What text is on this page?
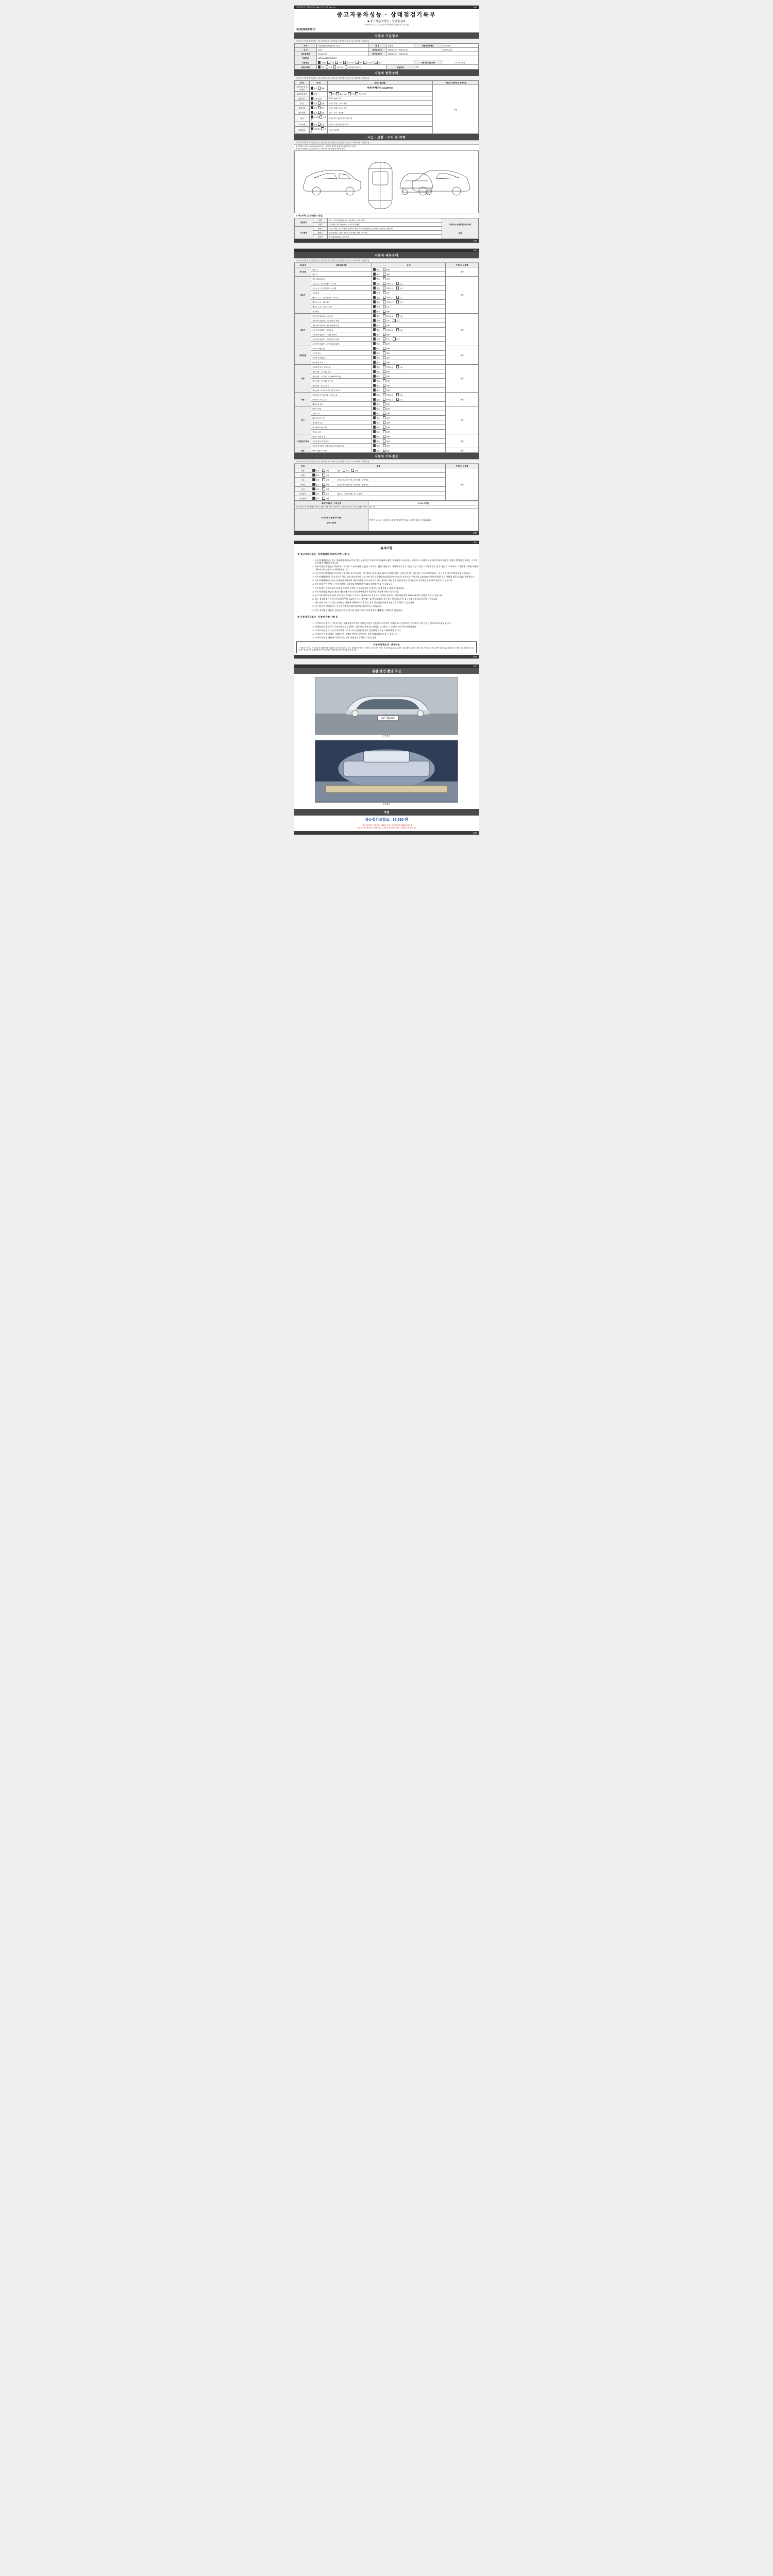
자동차관리법 시행규칙 [별지 제82호서식] <개정 2021.1.5.>	(1쪽)
중고자동차성능 · 상태점검기록부
■ 중고자동차성능 · 상태점검부
[자동차인도일 ( 년 월 일 ) 성능·상태점검자 (서명 또는 인)]
제 02350007210
자동차 기본정보
(가격조사·산정자 및 책임자는 중요사항 미등기시 행정처분 등을 받을 수 있으므로 성실하게 기재합니다)
차 명	아반떼(AVANTE) (세단 2열급 )	종 류	승용차	자동차등록번호	32기4869
연 식	2023	검사유효기간	2020-02-07 ~ 2028-02-06		2020-02-06
최초등록일	2021-02-07	검사유효기간	2020-02-07 ~ 2028-02-06		
차대번호	KMHLM41EEPU509497				
사용연료	가솔린	디젤	LPG	하이브리드	전기	수소전기	기타	주행거리 기준가액	0 0 0 0 0 만원
변속기종류	자동 수동 세미오토 무단변속기(CVT)		등급분류	G/M	
자동차 종합상태
(가격조사·산정자 및 책임자는 중요사항 미등기시 행정처분 등을 받을 수 있으므로 성실하게 기재합니다)
항 목	상 태	점검내용(상태)	가격조사·산정액 및 특이사항
주행거리 및 계기상태	양호 불량	현재 주행거리 34,107km	적정
차대번호 표기	양호	부식 훼손(오손) 상이 변조(도장)	
배출가스	일산화탄소	0.7% , ppm , %	
튜닝	없음 있음	적법 / 불법 / 구조 / 장치	
특별이력	없음 있음	침수 / 화재 / 전손 / 도난	
용도변경	없음 있음	렌트 / 리스 / 영업용	
색상	무채색 유채색	전체도색 / 색상변경 / 부분도색	
주요옵션	없음 있음	썬루프 / 네비게이션 / 기타	
리콜대상	해당없음 해당	이행 / 미이행	
사고 · 교환 · 수리 등 이력
(가격조사·산정자 및 책임자는 중요사항 미등기시 행정처분 등을 받을 수 있으므로 성실하게 기재합니다)
※ 상태표시 부호 : X (교환), W (판금 또는 용접), C (부식), A (흠집), U (요철), T (손상)
※ 하단 단계에는 손상위 기준으로, 기타 차체부품 상태에 대하여 표시
1. 사고이력 (교차/외판 A 등급)
외판부위	1랭크	후드, 프론트펜더(좌/우), 도어(좌/우), 트렁크리드	가격조사·산정액 및 특이사항
적정

	2랭크	루프패널, 쿼터패널(좌/우), 사이드실패널	
주요골격	A랭크	프론트패널, 크로스멤버, 인사이드패널, 사이드멤버(좌/우), 휠하우스(좌/우), 대쉬패널	
	B랭크	플로어패널, 트렁크플로어, 리어패널, 패키지트레이	
	C랭크	필러패널(A/B/C), 루프레일	
(1쪽)

(2쪽)
자동차 세부상태
(가격조사·산정자 및 책임자는 중요사항 미등기시 행정처분 등을 받을 수 있으므로 성실하게 기재합니다)
주요장치	항목/해당부품	상 태	가격조사·산정액
자기진단	원동기	양호 불량	적정
	변속기	양호 불량	
원동기	작동상태(공회전)	양호 불량	적정
	오일누유 - 실린더 헤드 / 가스켓	없음 미세누유 누유	
	오일누유 - 실린더 블록 / 오일팬	없음 미세누유 누유	
	오일유량	적정 부족	
	냉각수 누수 - 실린더 헤드 / 가스켓	없음 미세누수 누수	
	냉각수 누수 - 워터펌프	없음 미세누수 누수	
	냉각수 누수 - 냉각수 수량	적정 부족	
	커먼레일	양호 불량	
변속기	자동변속기(A/T) - 오일누유	없음 미세누유 누유	적정
	자동변속기(A/T) - 오일유량 및 상태	적정 부족 과다	
	자동변속기(A/T) - 작동상태(공회전)	양호 불량	
	수동변속기(M/T) - 오일누유	없음 미세누유 누유	
	수동변속기(M/T) - 기어변속장치	양호 불량	
	수동변속기(M/T) - 오일유량 및 상태	적정 부족 과다	
	수동변속기(M/T) - 작동상태(공회전)	양호 불량	
동력전달	클러치 어셈블리	양호 불량	적정
	등속조인트	양호 불량	
	추진축 및 베어링	양호 불량	
	디퍼렌셜 기어	양호 불량	
조향	동력조향 작동 오일 누유	없음 미세누유 누유	적정
	작동상태 - 스티어링 펌프	양호 불량	
	작동상태 - 스티어링 기어(MDPS포함)	양호 불량	
	작동상태 - 스티어링 조인트	양호 불량	
	작동상태 - 파워크랭크	양호 불량	
	작동상태 - 타이로드엔드 및 볼 조인트	양호 불량	
제동	브레이크 마스터 실린더오일 누유	없음 미세누유 누유	적정
	브레이크 오일 누유	없음 미세누유 누유	
	배력장치 상태	양호 불량	
전기	발전기 출력	양호 불량	적정
	시동 모터	양호 불량	
	와이퍼 모터 기능	양호 불량	
	실내송풍 모터	양호 불량	
	라디에이터 팬 모터	양호 불량	
	윈도우 모터	양호 불량	
고전원전기장치	충전구 절연 상태	양호 불량	적정
	구동축전지 격리 상태	양호 불량	
	고전원전기배선 상태(피복,높이,체결상태)	양호 불량	
연료	연료누출(LPG포함)	없음 있음	적정
자동차 기타정보
(가격조사·산정자 및 책임자는 중요사항 미등기시 행정처분 등을 받을 수 있으므로 성실하게 기재합니다)
항 목	상 태	가격조사·산정액
외장	양호 불량 내장 양호 불량	적정
광택	양호 불량	
휠	양호 불량 운전석전 / 동반석전 / 운전석후 / 동반석후	
타이어	양호 불량 운전석전 / 동반석전 / 운전석후 / 동반석후	
유리	양호 불량	
기본품목	있음 없음 매뉴얼 / 안전삼각대 / 잭 / 스패너	
보유상태	양호 불량	
최종 가격조사 · 산정 금액	0 0 0 0 0 만원
※ 가격조사·산정자에 대해 확인한 내용은 정확하게 기재하여야 하며 허위기재로 인한 손해배상 책임이 있습니다.	

특기사항 및 점검자의 의견
감가 · 산정액	엔진미싱작동 / 중고차 특성상 보증까만 환급 등제한 있을 수 있습니다.
(2쪽)

(3쪽)
유의사항
※ 중고자동차성능 · 상태점검의 보증에 관한 사항 등
1. 자동차매매업자는 성능·상태점검기록부(이하 "성능 상태점검 기록부"라 한다)에 내용을 고지하지 아니하거나 거짓으로 고지함으로써 매수인에게 재산상 손해가 발생한 경우에는 그 손해를 배상할 책임이 있습니다.
2. 자동차성능상태점검기록부의 기재 정보 고지에 관한 규정(중고자동차 내용을 해당차의 이력에 보증기간 2년을 보증기간을 고지하지 않을 경우 다음 각 호에 따라 고지일에 기재된 사항에 대하여 매수인에게 고지하여야 합니다.
3. 자동차성능상태점검기록부의 기재 정보 고지에 관한 규정 제3조 및 제4조에 따라 고지해야 하는 사항이 변경된 경우에는 자동차매매업자는 그 사실을 매수인에게 알려야 합니다.
4. 자동차매매업자는 중고자동차 성능·상태 점검내용이 다르다면 성능점검책임자(점검일로부터 30일 이내 또는 주행거리 2,000km 이내에 발생한 성능·상태에 대한 보증)를 부담합니다.
5. 자동차매매업자는 성능·상태점검기록부에 적힌 내용과 실제 자동차의 성능·상태가 다른 경우 자동차성능·상태점검자 보증책임을 통해 보상받을 수 있습니다.
6. 성능점검 관련 분쟁 시 "자동차성능·상태점검 책임보험"에 따라 보상을 받을 수 있습니다.
7. 자동차성능·상태점검자 및 보증에 관한 분쟁은 한국소비자원 등에 상담 및 조정을 신청할 수 있습니다.
8. 자동차관리법 제58조 제1항 제3호에 따라 자동차매매업자가 제공하는 보증에 관한 사항입니다.
9. 중고자동차의 구조·장치 등의 성능·상태를 고지하지 아니하거나 거짓으로 고지한 경우에는 자동차관리법 제80조에 따라 처벌을 받을 수 있습니다.
10. 성능·상태점검기록부의 작성일로부터 120일이 지난 경우에는 효력이 없으며, 자동차의 인도일로부터 성능상태점검 보증기간이 시작됩니다.
11. 매수인은 자동차의 성능·상태점검 내용에 대하여 이의가 있는 경우 성능점검자에게 재점검을 요청할 수 있습니다.
12. 이 기록부의 보관의무는 자동차매매업자에게 있으며, 보관기간은 2년입니다.
13. 성능·상태점검 내용은 점검 당시의 상태이며, 점검 이후의 상태 변화에 대해서는 책임지지 않습니다.
※ 자동차가격조사 · 산정에 관한 사항 등
1. 가격조사·산정자는 자동차 성능·상태점검기록부에 기재된 내용을 기준으로 자동차의 가격을 조사·산정하며, 가격조사·산정 금액은 참고자료로 활용됩니다.
2. 매매업자는 매수인이 가격조사·산정을 원하는 경우에만 가격조사·산정을 실시하며, 그 비용은 매수인이 부담합니다.
3. 가격조사·산정자는 중고자동차의 가격을 조사·산정함에 있어 성실하게 업무를 수행하여야 합니다.
4. 가격조사·산정 금액은 거래당시의 시세를 반영한 금액이며, 실제 거래금액과 다를 수 있습니다.
5. 가격조사·산정 내용에 이의가 있는 경우 재산정을 요청할 수 있습니다.
자동차가격조사 · 산정여부
「가격조사·산정」은 소비자가 매매계약을 체결하기 전에 중고자동차 성능·상태점검자에게 「가격조사·산정 용역 계약」에 의하여 유료로 요청하는 경우에만 실시하는 제도이며, 가격조사·산정 금액은 참고자료로 활용하시기 바랍니다. 가격조사·산정 금액은 중고자동차의 판매가격이 아니며 실제 거래가격과 차이가 있을 수 있습니다.
(3쪽)

(4쪽)
점검 장면 촬영 사진
32기4869
전면 촬영
하체 촬영
서명
성능점검보험료 : 36,630 원
「자동차관리법 시행규칙」 제82호 및 같은 법 시행규칙 제120조에 따라
[ ✔ ] 중고자동차성능 · 상태를 점검 [ ] 자동차가격조사 · 산정 1 위반검토 확인합니다.
(4쪽)
